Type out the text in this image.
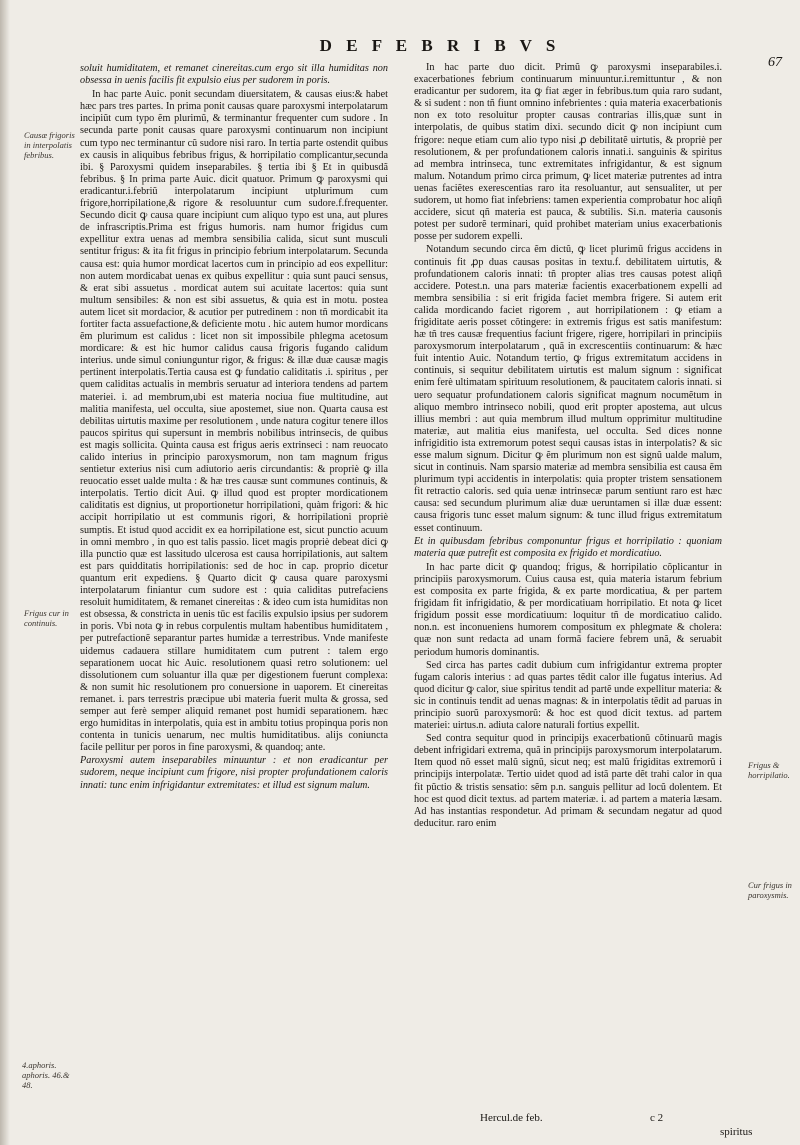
D E F E B R I B V S
67

soluit humiditatem, et remanet cinereitas.cum ergo sit illa humiditas non obsessa in uenis facilis fit expulsio eius per sudorem in poris.

In hac parte Auic. ponit secundam diuersitatem, & causas eius:& habet hæc pars tres partes. In prima ponit causas quare paroxysmi interpolatarum incipiũt cum typo ẽm plurimũ, & terminantur frequenter cum sudore . In secunda parte ponit causas quare paroxysmi continuarum non incipiunt cum typo nec terminantur cũ sudore nisi raro. In tertia parte ostendit quibus ex causis in aliquibus febribus frigus, & horripilatio complicantur,secunda ibi. § Paroxysmi quidem inseparabiles. § tertia ibi § Et in quibusdã febribus. § In prima parte Auic. dicit quatuor. Primum ꝙ paroxysmi qui eradicantur.i.febriũ interpolatarum incipiunt utplurimum cum frigore,horripilatione,& rigore & resoluuntur cum sudore.f.frequenter. Secundo dicit ꝙ causa quare incipiunt cum aliquo typo est una, aut plures de infrascriptis.Prima est frigus humoris. nam humor frigidus cum expellitur extra uenas ad membra sensibilia calida, sicut sunt musculi sentitur frigus: & ita fit frigus in principio febrium interpolatarum. Secunda causa est: quia humor mordicat lacertos cum in principio ad eos expellitur: non autem mordicabat uenas ex quibus expellitur : quia sunt pauci sensus, & erat sibi assuetus . mordicat autem sui acuitate lacertos: quia sunt multum sensibiles: & non est sibi assuetus, & quia est in motu. postea autem licet sit mordacior, & acutior per putredinem : non tñ mordicabit ita fortiter facta assuefactione,& deficiente motu . hic autem humor mordicans ẽm plurimum est calidus : licet non sit impossibile phlegma acetosum mordicare: & est hic humor calidus causa frigoris fugando calidum interius. unde simul coniunguntur rigor, & frigus: & illæ duæ causæ magis pertinent interpolatis.Tertia causa est ꝙ fundatio caliditatis .i. spiritus , per quem caliditas actualis in membris seruatur ad interiora tendens ad partem materiei. i. ad membrum,ubi est materia nociua fiue multitudine, aut malitia manifesta, uel occulta, siue apostemet, siue non. Quarta causa est debilitas uirtutis maxime per resolutionem , unde natura cogitur tenere illos paucos spiritus qui supersunt in membris nobilibus intrinsecis, de quibus est magis sollicita. Quinta causa est frigus aeris extrinseci : nam reuocato calido interius in principio paroxysmorum, non tam magnum frigus sentietur exterius nisi cum adiutorio aeris circundantis: & propriè ꝙ illa reuocatio esset ualde multa : & hæ tres causæ sunt communes continuis, & interpolatis. Tertio dicit Aui. ꝙ illud quod est propter mordicationem caliditatis est dignius, ut proportionetur horripilationi, quàm frigori: & hic accipit horripilatio ut est communis rigori, & horripilationi propriè sumptis. Et istud quod accidit ex ea horripilatione est, sicut punctio acuum in omni membro , in quo est talis passio. licet magis propriè debeat dici ꝙ illa punctio quæ est lassitudo ulcerosa est causa horripilationis, aut saltem est pars quidditatis horripilationis: sed de hoc in cap. proprio dicetur quantum erit expediens. § Quarto dicit ꝙ causa quare paroxysmi interpolatarum finiantur cum sudore est : quia caliditas putrefaciens resoluit humiditatem, & remanet cinereitas : & ideo cum ista humiditas non est obsessa, & constricta in uenis tūc est facilis expulsio ipsius per sudorem in poris. Vbi nota ꝙ in rebus corpulentis multam habentibus humiditatem , per putrefactionẽ separantur partes humidæ a terrestribus. Vnde manifeste uidemus cadauera stillare humiditatem cum putrent : talem ergo separationem uocat hic Auic. resolutionem quasi retro solutionem: uel dissolutionem cum soluantur illa quæ per digestionem fuerunt complexa: & non sumit hic resolutionem pro conuersione in uaporem. Et cinereitas remanet. i. pars terrestris præcipue ubi materia fuerit multa & grossa, sed semper aut ferè semper aliquid remanet post humidi separationem. hæc ergo humiditas in interpolatis, quia est in ambitu totius propinqua poris non contenta in tunicis uenarum, nec multis humiditatibus. alijs coniuncta facile pellitur per poros in fine paroxysmi, & quandoq; ante.

Paroxysmi autem inseparabiles minuuntur : et non eradicantur per sudorem, neque incipiunt cum frigore, nisi propter profundationem caloris innati: tunc enim infrigidantur extremitates: et illud est signum malum.

In hac parte duo dicit. Primũ ꝙ paroxysmi inseparabiles.i. exacerbationes febrium continuarum minuuntur.i.remittuntur , & non eradicantur per sudorem, ita ꝙ fiat æger in febribus.tum quia raro sudant, & si sudent : non tñ fiunt omnino infebrientes : quia materia exacerbationis non ex toto resoluitur propter causas contrarias illis,quæ sunt in interpolatis, de quibus statim dixi. secundo dicit ꝙ non incipiunt cum frigore: neque etiam cum alio typo nisi ꝓ debilitatẽ uirtutis, & propriè per resolutionem, & per profundationem caloris innati.i. sanguinis & spiritus ad membra intrinseca, tunc extremitates infrigidantur, & est signum malum. Notandum primo circa primum, ꝙ licet materiæ putrentes ad intra uenas faciẽtes exerescentias raro ita resoluantur, aut sensualiter, ut per sudorem, ut homo fiat infebriens: tamen experientia comprobatur hoc aliqñ accidere, sicut qñ materia est pauca, & subtilis. Si.n. materia causonis potest per sudorẽ terminari, quid prohibet materiam unius exacerbationis posse per sudorem expelli.

Notandum secundo circa ẽm dictũ, ꝙ licet plurimũ frigus accidens in continuis fit ꝓp duas causas positas in textu.f. debilitatem uirtutis, & profundationem caloris innati: tñ propter alias tres causas potest aliqñ accidere. Potest.n. una pars materiæ facientis exacerbationem expelli ad membra sensibilia : si erit frigida faciet membra frigere. Si autem erit calida mordicando faciet rigorem , aut horripilationem : ꝙ etiam a frigiditate aeris posset cõtingere: in extremis frigus est satis manifestum: hæ tñ tres causæ frequentius faciunt frigere, rigere, horripilari in principiis paroxysmorum interpolatarum , quã in excrescentiis continuarum: & hæc fuit intentio Auic. Notandum tertio, ꝙ frigus extremitatum accidens in continuis, si sequitur debilitatem uirtutis est malum signum : significat enim ferè ultimatam spirituum resolutionem, & paucitatem caloris innati. si uero sequatur profundationem caloris significat magnum nocumẽtum in aliquo membro intrinseco nobili, quod erit propter apostema, aut ulcus illius membri : aut quia membrum illud multum opprimitur multitudine materiæ, aut malitia eius manifesta, uel occulta. Sed dices nonne infrigiditio ista extremorum potest sequi causas istas in interpolatis? & sic esse malum signum. Dicitur ꝙ ẽm plurimum non est signũ ualde malum, sicut in continuis. Nam sparsio materiæ ad membra sensibilia est causa ẽm plurimum typi accidentis in interpolatis: quia propter tristem sensationem fit retractio caloris. sed quia uenæ intrinsecæ parum sentiunt raro est hæc causa: sed secundum plurimum aliæ duæ ueruntamen si illæ duæ essent: causa frigoris tunc esset malum signum: & tunc illud frigus extremitatum esset continuum.

Et in quibusdam febribus componuntur frigus et horripilatio : quoniam materia quæ putrefit est composita ex frigido et mordicatiuo.

In hac parte dicit ꝙ quandoq; frigus, & horripilatio cõplicantur in principiis paroxysmorum. Cuius causa est, quia materia istarum febrium est composita ex parte frigida, & ex parte mordicatiua, & per partem frigidam fit infrigidatio, & per mordicatiuam horripilatio. Et nota ꝙ licet frigidum possit esse mordicatiuum: loquitur tñ de mordicatiuo calido. non.n. est inconueniens humorem compositum ex phlegmate & cholera: quæ non sunt redacta ad unam formã faciere febrem unã, & seruabit periodum humoris dominantis.

Sed circa has partes cadit dubium cum infrigidantur extrema propter fugam caloris interius : ad quas partes tẽdit calor ille fugatus interius. Ad quod dicitur ꝙ calor, siue spiritus tendit ad partẽ unde expellitur materia: & sic in continuis tendit ad uenas magnas: & in interpolatis tẽdit ad paruas in principio suorũ paroxysmorũ: & hoc est quod dicit textus. ad partem materiei: uirtus.n. adiuta calore naturali fortius expellit.

Sed contra sequitur quod in principijs exacerbationũ cõtinuarũ magis debent infrigidari extrema, quã in principijs paroxysmorum interpolatarum. Item quod nõ esset malũ signũ, sicut neq; est malũ frigiditas extremorũ i principijs interpolatæ. Tertio uidet quod ad istã parte dẽt trahi calor in qua fit pũctio & tristis sensatio: sẽm p.n. sanguis pellitur ad locũ dolentem. Et hoc est quod dicit textus. ad partem materiæ. i. ad partem a materia læsam. Ad has instantias respondetur. Ad primam & secundam negatur ad quod deducitur. raro enim

Causæ frigoris in interpolatis febribus.
Frigus cur in continuis.
4.aphoris. aphoris. 46.& 48.
Frigus & horripilatio.
Cur frigus in paroxysmis.
Hercul.de feb.	c 2
spiritus
